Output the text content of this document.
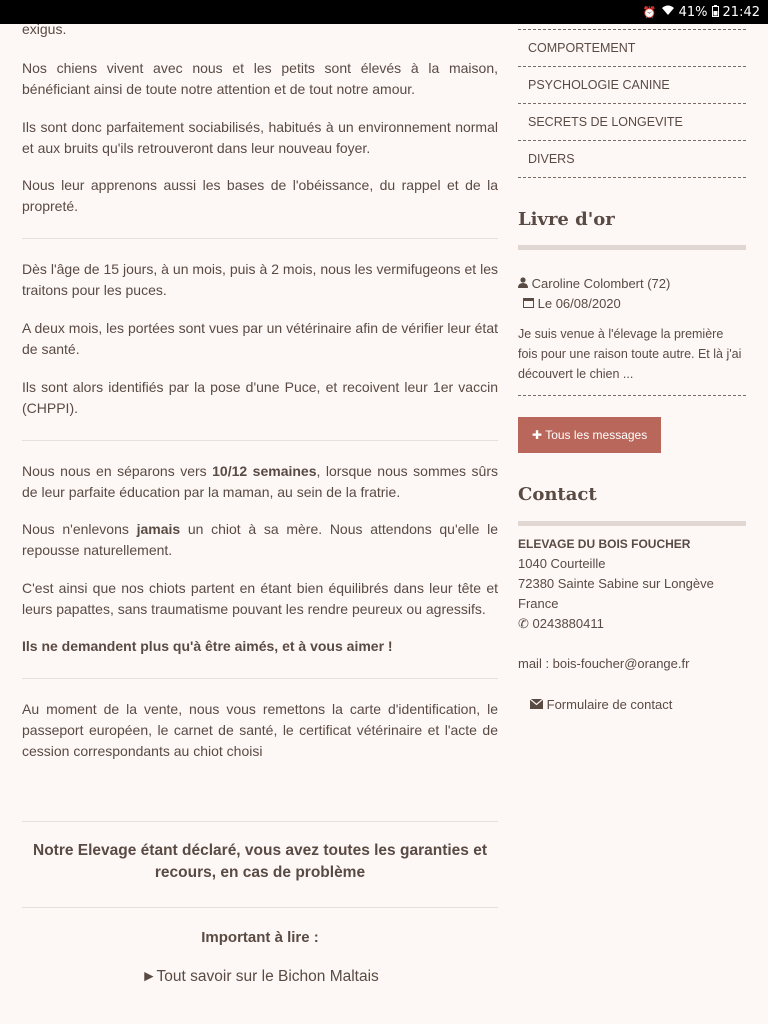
⏰ 41% 21:42

exigus.

Nos chiens vivent avec nous et les petits sont élevés à la maison, bénéficiant ainsi de toute notre attention et de tout notre amour.

Ils sont donc parfaitement sociabilisés, habitués à un environnement normal et aux bruits qu'ils retrouveront dans leur nouveau foyer.

Nous leur apprenons aussi les bases de l'obéissance, du rappel et de la propreté.

Dès l'âge de 15 jours, à un mois, puis à 2 mois, nous les vermifugeons et les traitons pour les puces.

A deux mois, les portées sont vues par un vétérinaire afin de vérifier leur état de santé.

Ils sont alors identifiés par la pose d'une Puce, et recoivent leur 1er vaccin (CHPPI).

Nous nous en séparons vers 10/12 semaines, lorsque nous sommes sûrs de leur parfaite éducation par la maman, au sein de la fratrie.

Nous n'enlevons jamais un chiot à sa mère. Nous attendons qu'elle le repousse naturellement.

C'est ainsi que nos chiots partent en étant bien équilibrés dans leur tête et leurs papattes, sans traumatisme pouvant les rendre peureux ou agressifs.

Ils ne demandent plus qu'à être aimés, et à vous aimer !

Au moment de la vente, nous vous remettons la carte d'identification, le passeport européen, le carnet de santé, le certificat vétérinaire et l'acte de cession correspondants au chiot choisi

Notre Elevage étant déclaré, vous avez toutes les garanties et recours, en cas de problème

Important à lire :

►Tout savoir sur le Bichon Maltais

COMPORTEMENT
PSYCHOLOGIE CANINE
SECRETS DE LONGEVITE
DIVERS
Livre d'or
Caroline Colombert (72)
Le 06/08/2020
Je suis venue à l'élevage la première fois pour une raison toute autre. Et là j'ai découvert le chien ...
✚ Tous les messages
Contact
ELEVAGE DU BOIS FOUCHER
1040 Courteille
72380 Sainte Sabine sur Longève
France
✆ 0243880411
mail : bois-foucher@orange.fr
Formulaire de contact
